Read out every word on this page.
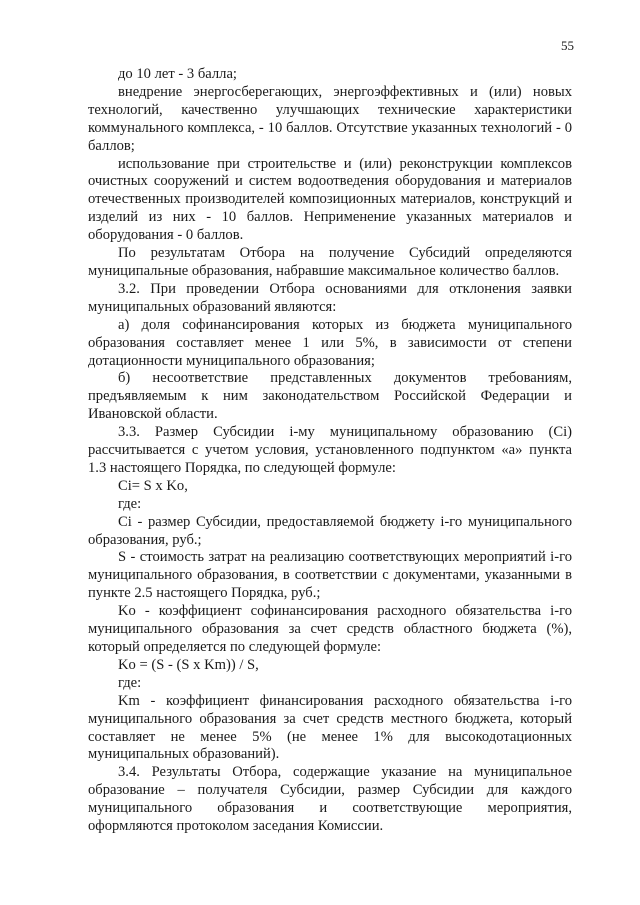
55

до 10 лет - 3 балла;

внедрение энергосберегающих, энергоэффективных и (или) новых технологий, качественно улучшающих технические характеристики коммунального комплекса, - 10 баллов. Отсутствие указанных технологий - 0 баллов;

использование при строительстве и (или) реконструкции комплексов очистных сооружений и систем водоотведения оборудования и материалов отечественных производителей композиционных материалов, конструкций и изделий из них - 10 баллов. Неприменение указанных материалов и оборудования - 0 баллов.

По результатам Отбора на получение Субсидий определяются муниципальные образования, набравшие максимальное количество баллов.

3.2. При проведении Отбора основаниями для отклонения заявки муниципальных образований являются:

а) доля софинансирования которых из бюджета муниципального образования составляет менее 1 или 5%, в зависимости от степени дотационности муниципального образования;

б) несоответствие представленных документов требованиям, предъявляемым к ним законодательством Российской Федерации и Ивановской области.

3.3. Размер Субсидии i-му муниципальному образованию (Ci) рассчитывается с учетом условия, установленного подпунктом «а» пункта 1.3 настоящего Порядка, по следующей формуле:

Ci= S x Ko,

где:

Ci - размер Субсидии, предоставляемой бюджету i-го муниципального образования, руб.;

S - стоимость затрат на реализацию соответствующих мероприятий i-го муниципального образования, в соответствии с документами, указанными в пункте 2.5 настоящего Порядка, руб.;

Ko - коэффициент софинансирования расходного обязательства i-го муниципального образования за счет средств областного бюджета (%), который определяется по следующей формуле:

Ko = (S - (S x Km)) / S,

где:

Km - коэффициент финансирования расходного обязательства i-го муниципального образования за счет средств местного бюджета, который составляет не менее 5% (не менее 1% для высокодотационных муниципальных образований).

3.4. Результаты Отбора, содержащие указание на муниципальное образование – получателя Субсидии, размер Субсидии для каждого муниципального образования и соответствующие мероприятия, оформляются протоколом заседания Комиссии.
